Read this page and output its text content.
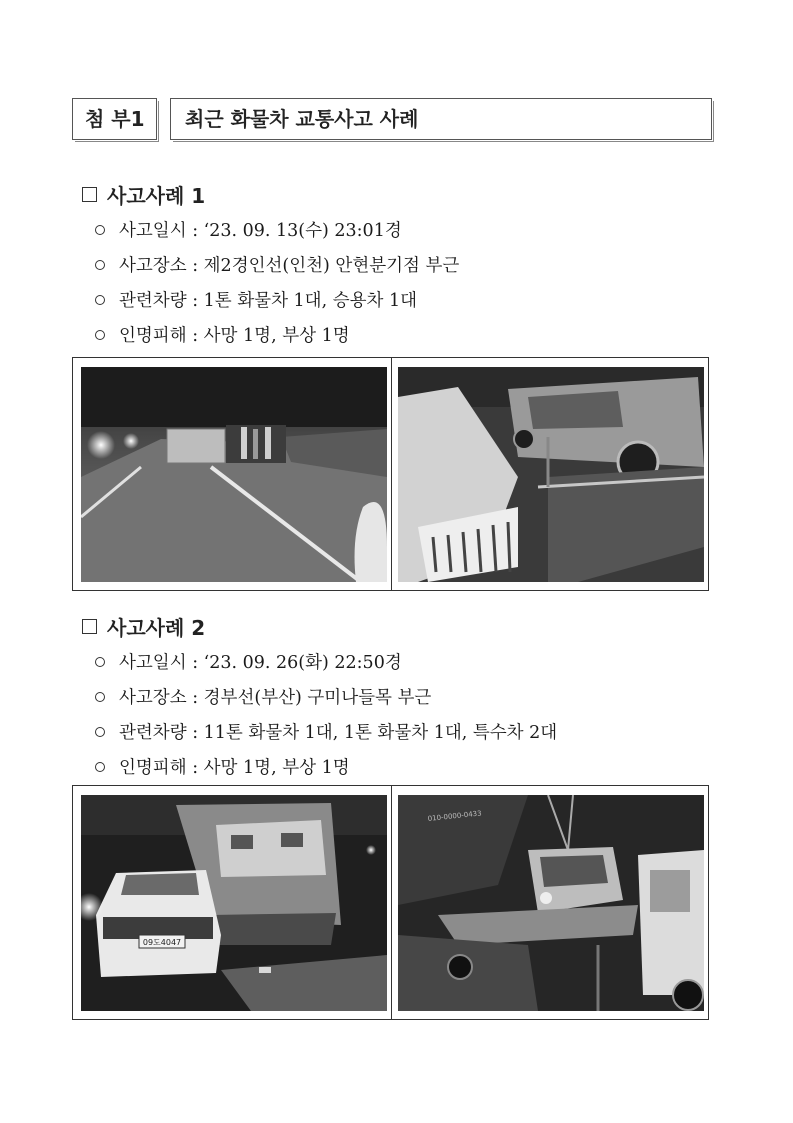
첨 부1 최근 화물차 교통사고 사례
사고사례 1
사고일시 : ‘23. 09. 13(수) 23:01경
사고장소 : 제2경인선(인천) 안현분기점 부근
관련차량 : 1톤 화물차 1대, 승용차 1대
인명피해 : 사망 1명, 부상 1명
사고사례 2
사고일시 : ‘23. 09. 26(화) 22:50경
사고장소 : 경부선(부산) 구미나들목 부근
관련차량 : 11톤 화물차 1대, 1톤 화물차 1대, 특수차 2대
인명피해 : 사망 1명, 부상 1명
09도4047
010-0000-0433
